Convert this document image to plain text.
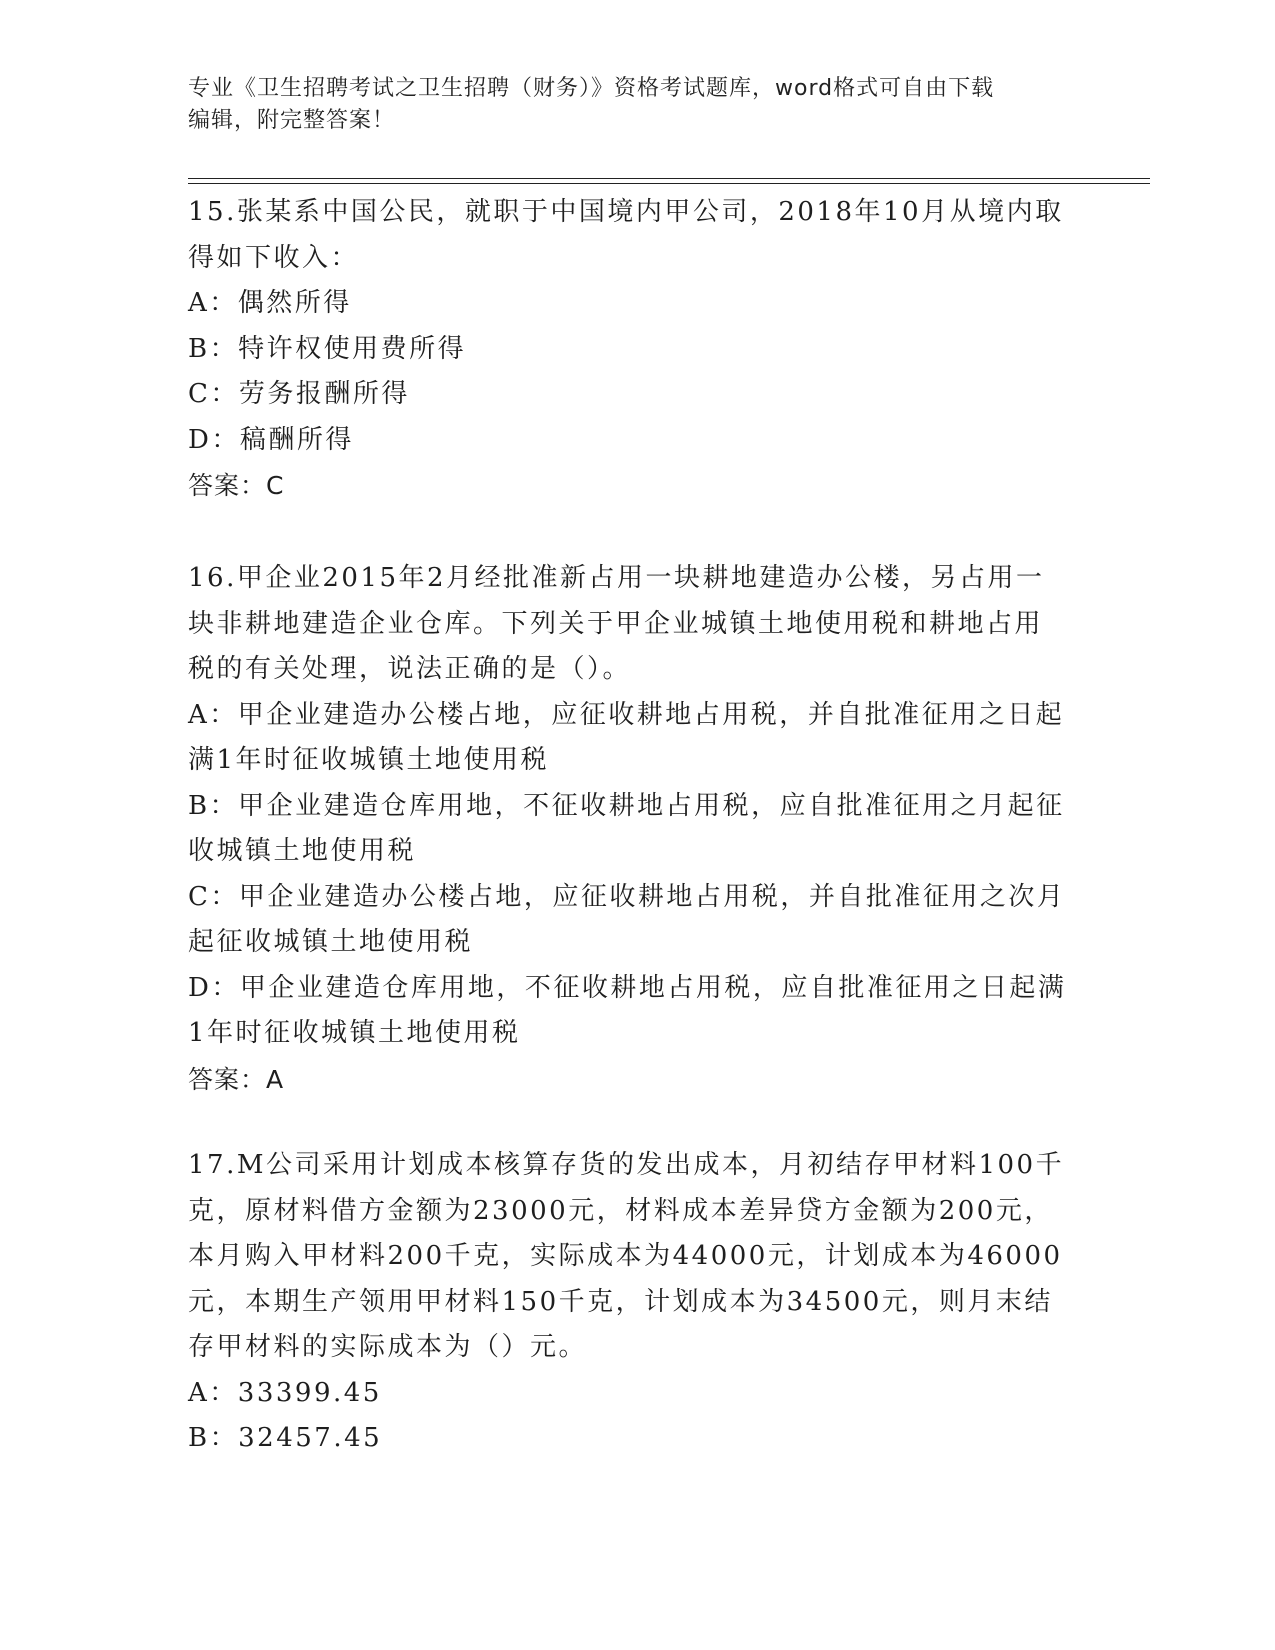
专业《卫生招聘考试之卫生招聘（财务）》资格考试题库，word格式可自由下载
编辑，附完整答案！
15.张某系中国公民，就职于中国境内甲公司，2018年10月从境内取
得如下收入：
A：偶然所得
B：特许权使用费所得
C：劳务报酬所得
D：稿酬所得
答案：C
16.甲企业2015年2月经批准新占用一块耕地建造办公楼，另占用一
块非耕地建造企业仓库。下列关于甲企业城镇土地使用税和耕地占用
税的有关处理，说法正确的是（）。
A：甲企业建造办公楼占地，应征收耕地占用税，并自批准征用之日起
满1年时征收城镇土地使用税
B：甲企业建造仓库用地，不征收耕地占用税，应自批准征用之月起征
收城镇土地使用税
C：甲企业建造办公楼占地，应征收耕地占用税，并自批准征用之次月
起征收城镇土地使用税
D：甲企业建造仓库用地，不征收耕地占用税，应自批准征用之日起满
1年时征收城镇土地使用税
答案：A
17.M公司采用计划成本核算存货的发出成本，月初结存甲材料100千
克，原材料借方金额为23000元，材料成本差异贷方金额为200元，
本月购入甲材料200千克，实际成本为44000元，计划成本为46000
元，本期生产领用甲材料150千克，计划成本为34500元，则月末结
存甲材料的实际成本为（）元。
A：33399.45
B：32457.45
